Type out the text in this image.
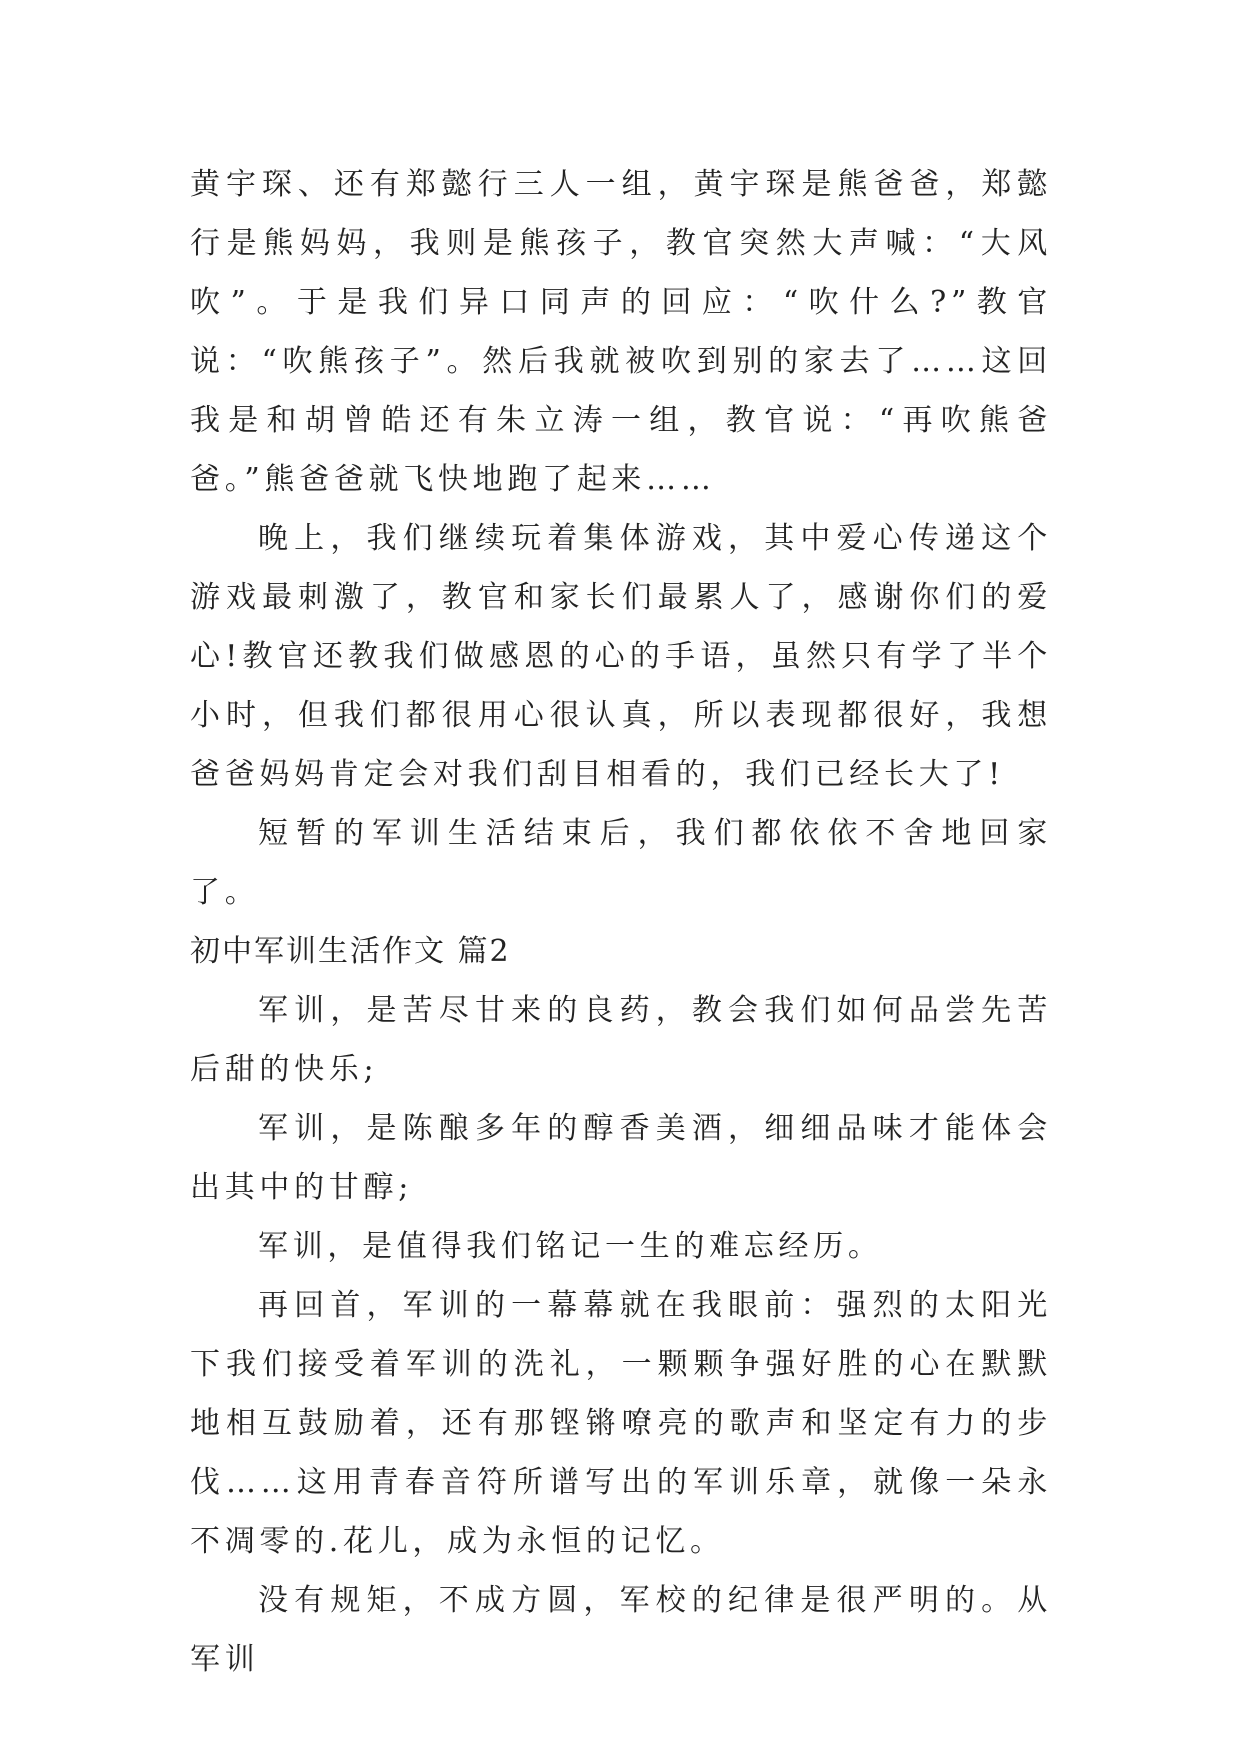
黄宇琛、还有郑懿行三人一组，黄宇琛是熊爸爸，郑懿行是熊妈妈，我则是熊孩子，教官突然大声喊：“大风吹”。于是我们异口同声的回应：“吹什么?”教官说：“吹熊孩子”。然后我就被吹到别的家去了……这回我是和胡曾皓还有朱立涛一组，教官说：“再吹熊爸爸。”熊爸爸就飞快地跑了起来……

晚上，我们继续玩着集体游戏，其中爱心传递这个游戏最刺激了，教官和家长们最累人了，感谢你们的爱心!教官还教我们做感恩的心的手语，虽然只有学了半个小时，但我们都很用心很认真，所以表现都很好，我想爸爸妈妈肯定会对我们刮目相看的，我们已经长大了!

短暂的军训生活结束后，我们都依依不舍地回家了。

初中军训生活作文 篇2

军训，是苦尽甘来的良药，教会我们如何品尝先苦后甜的快乐;

军训，是陈酿多年的醇香美酒，细细品味才能体会出其中的甘醇;

军训，是值得我们铭记一生的难忘经历。

再回首，军训的一幕幕就在我眼前：强烈的太阳光下我们接受着军训的洗礼，一颗颗争强好胜的心在默默地相互鼓励着，还有那铿锵嘹亮的歌声和坚定有力的步伐……这用青春音符所谱写出的军训乐章，就像一朵永不凋零的.花儿，成为永恒的记忆。

没有规矩，不成方圆，军校的纪律是很严明的。从军训
